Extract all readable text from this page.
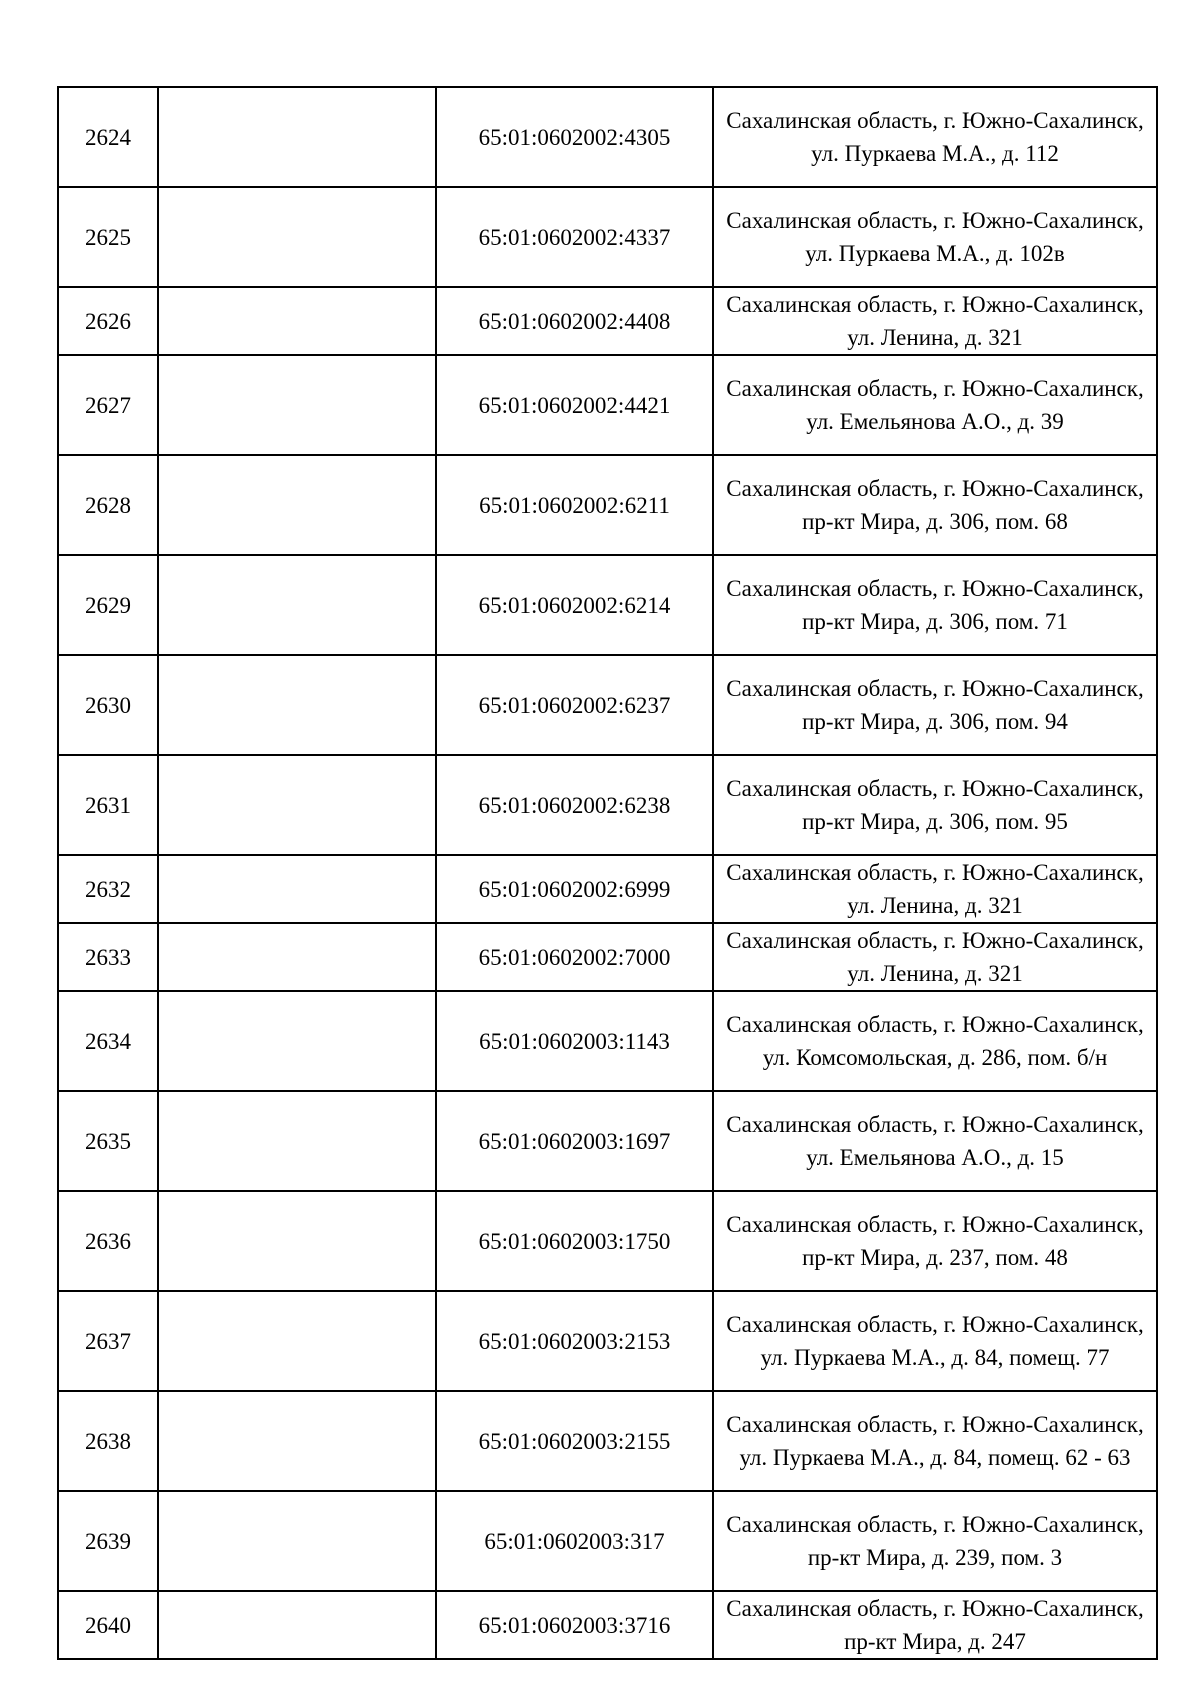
2624		65:01:0602002:4305	Сахалинская область, г. Южно-Сахалинск, ул. Пуркаева М.А., д. 112
2625		65:01:0602002:4337	Сахалинская область, г. Южно-Сахалинск, ул. Пуркаева М.А., д. 102в
2626		65:01:0602002:4408	Сахалинская область, г. Южно-Сахалинск, ул. Ленина, д. 321
2627		65:01:0602002:4421	Сахалинская область, г. Южно-Сахалинск, ул. Емельянова А.О., д. 39
2628		65:01:0602002:6211	Сахалинская область, г. Южно-Сахалинск, пр-кт Мира, д. 306, пом. 68
2629		65:01:0602002:6214	Сахалинская область, г. Южно-Сахалинск, пр-кт Мира, д. 306, пом. 71
2630		65:01:0602002:6237	Сахалинская область, г. Южно-Сахалинск, пр-кт Мира, д. 306, пом. 94
2631		65:01:0602002:6238	Сахалинская область, г. Южно-Сахалинск, пр-кт Мира, д. 306, пом. 95
2632		65:01:0602002:6999	Сахалинская область, г. Южно-Сахалинск, ул. Ленина, д. 321
2633		65:01:0602002:7000	Сахалинская область, г. Южно-Сахалинск, ул. Ленина, д. 321
2634		65:01:0602003:1143	Сахалинская область, г. Южно-Сахалинск, ул. Комсомольская, д. 286, пом. б/н
2635		65:01:0602003:1697	Сахалинская область, г. Южно-Сахалинск, ул. Емельянова А.О., д. 15
2636		65:01:0602003:1750	Сахалинская область, г. Южно-Сахалинск, пр-кт Мира, д. 237, пом. 48
2637		65:01:0602003:2153	Сахалинская область, г. Южно-Сахалинск, ул. Пуркаева М.А., д. 84, помещ. 77
2638		65:01:0602003:2155	Сахалинская область, г. Южно-Сахалинск, ул. Пуркаева М.А., д. 84, помещ. 62 - 63
2639		65:01:0602003:317	Сахалинская область, г. Южно-Сахалинск, пр-кт Мира, д. 239, пом. 3
2640		65:01:0602003:3716	Сахалинская область, г. Южно-Сахалинск, пр-кт Мира, д. 247
